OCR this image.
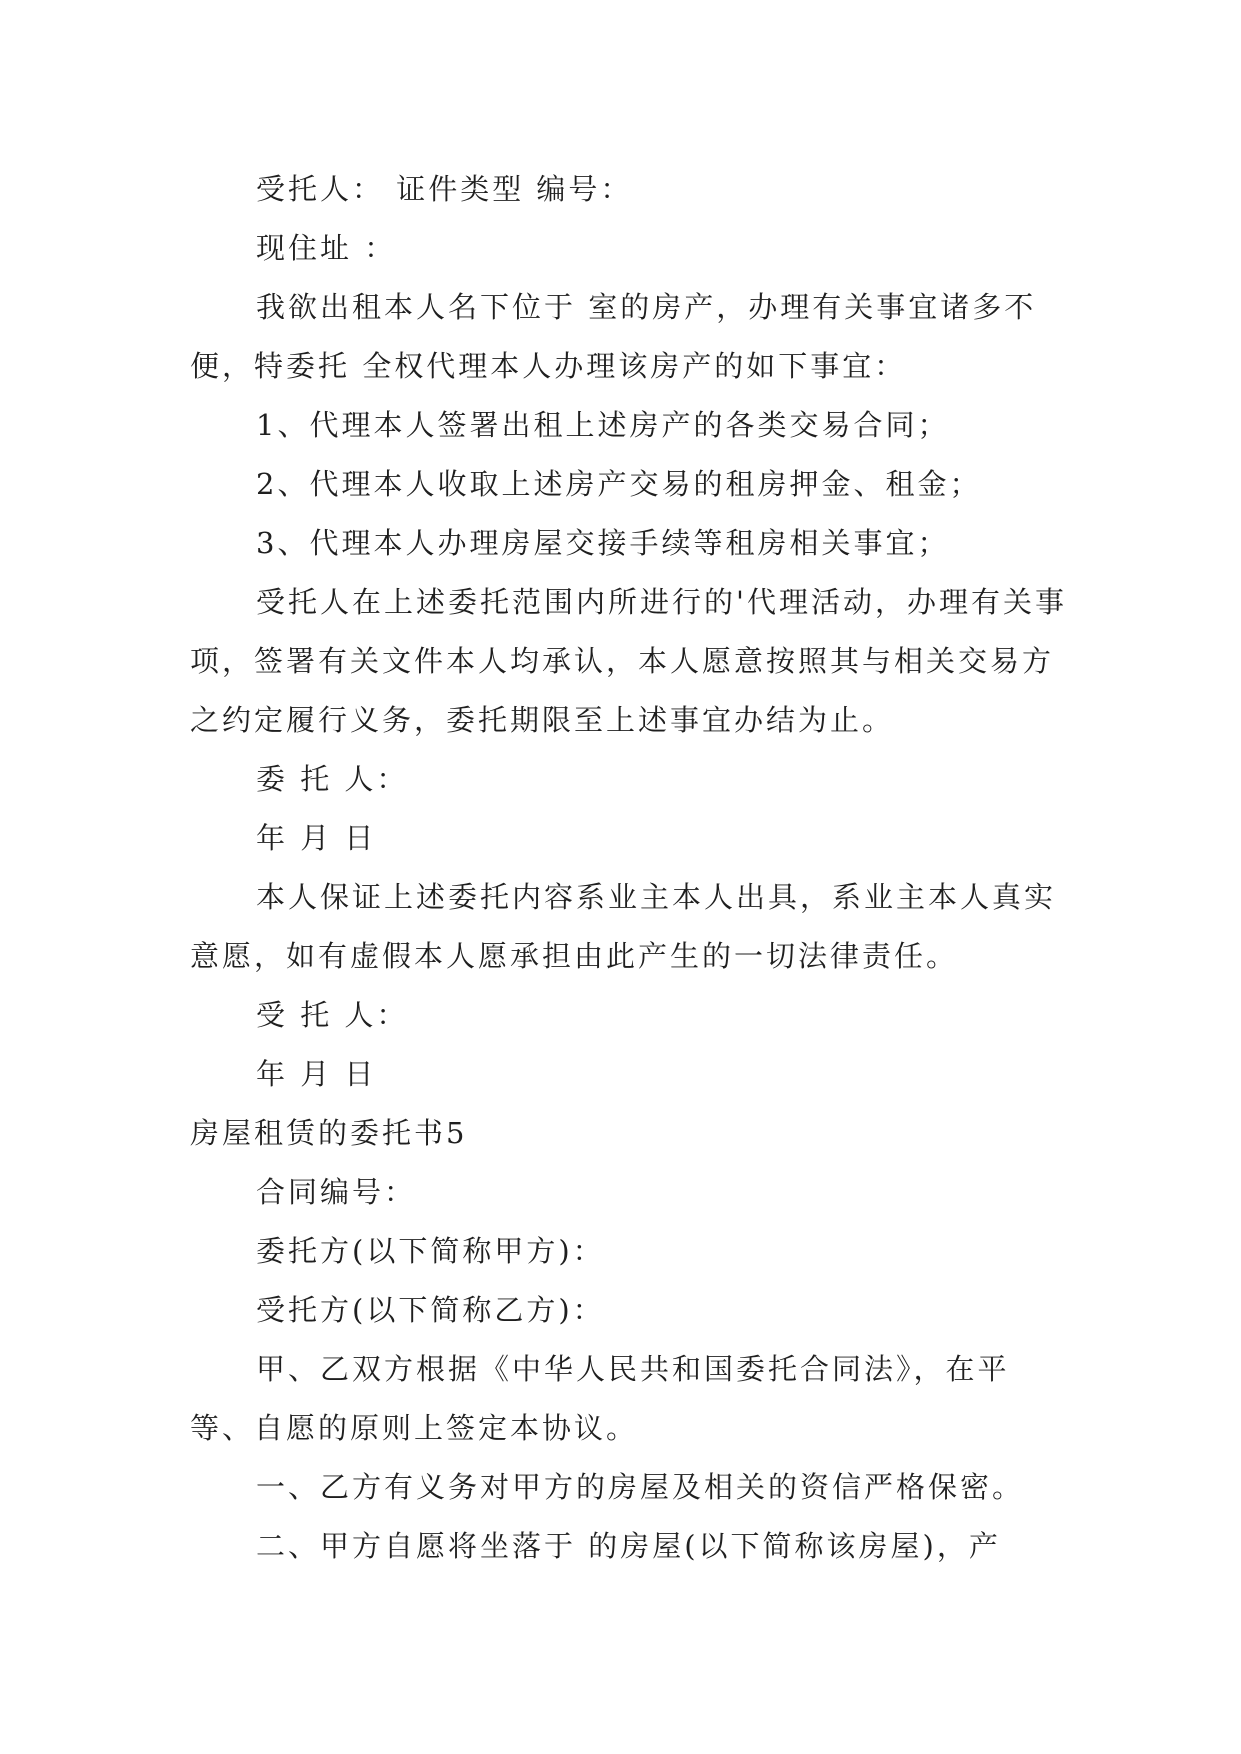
受托人： 证件类型 编号：

现住址 ：

我欲出租本人名下位于 室的房产，办理有关事宜诸多不便，特委托 全权代理本人办理该房产的如下事宜：

1、代理本人签署出租上述房产的各类交易合同；

2、代理本人收取上述房产交易的租房押金、租金；

3、代理本人办理房屋交接手续等租房相关事宜；

受托人在上述委托范围内所进行的'代理活动，办理有关事项，签署有关文件本人均承认，本人愿意按照其与相关交易方之约定履行义务，委托期限至上述事宜办结为止。

委 托 人：

年 月 日

本人保证上述委托内容系业主本人出具，系业主本人真实意愿，如有虚假本人愿承担由此产生的一切法律责任。

受 托 人：

年 月 日

房屋租赁的委托书5

合同编号：

委托方(以下简称甲方)：

受托方(以下简称乙方)：

甲、乙双方根据《中华人民共和国委托合同法》，在平等、自愿的原则上签定本协议。

一、乙方有义务对甲方的房屋及相关的资信严格保密。

二、甲方自愿将坐落于 的房屋(以下简称该房屋)，产
